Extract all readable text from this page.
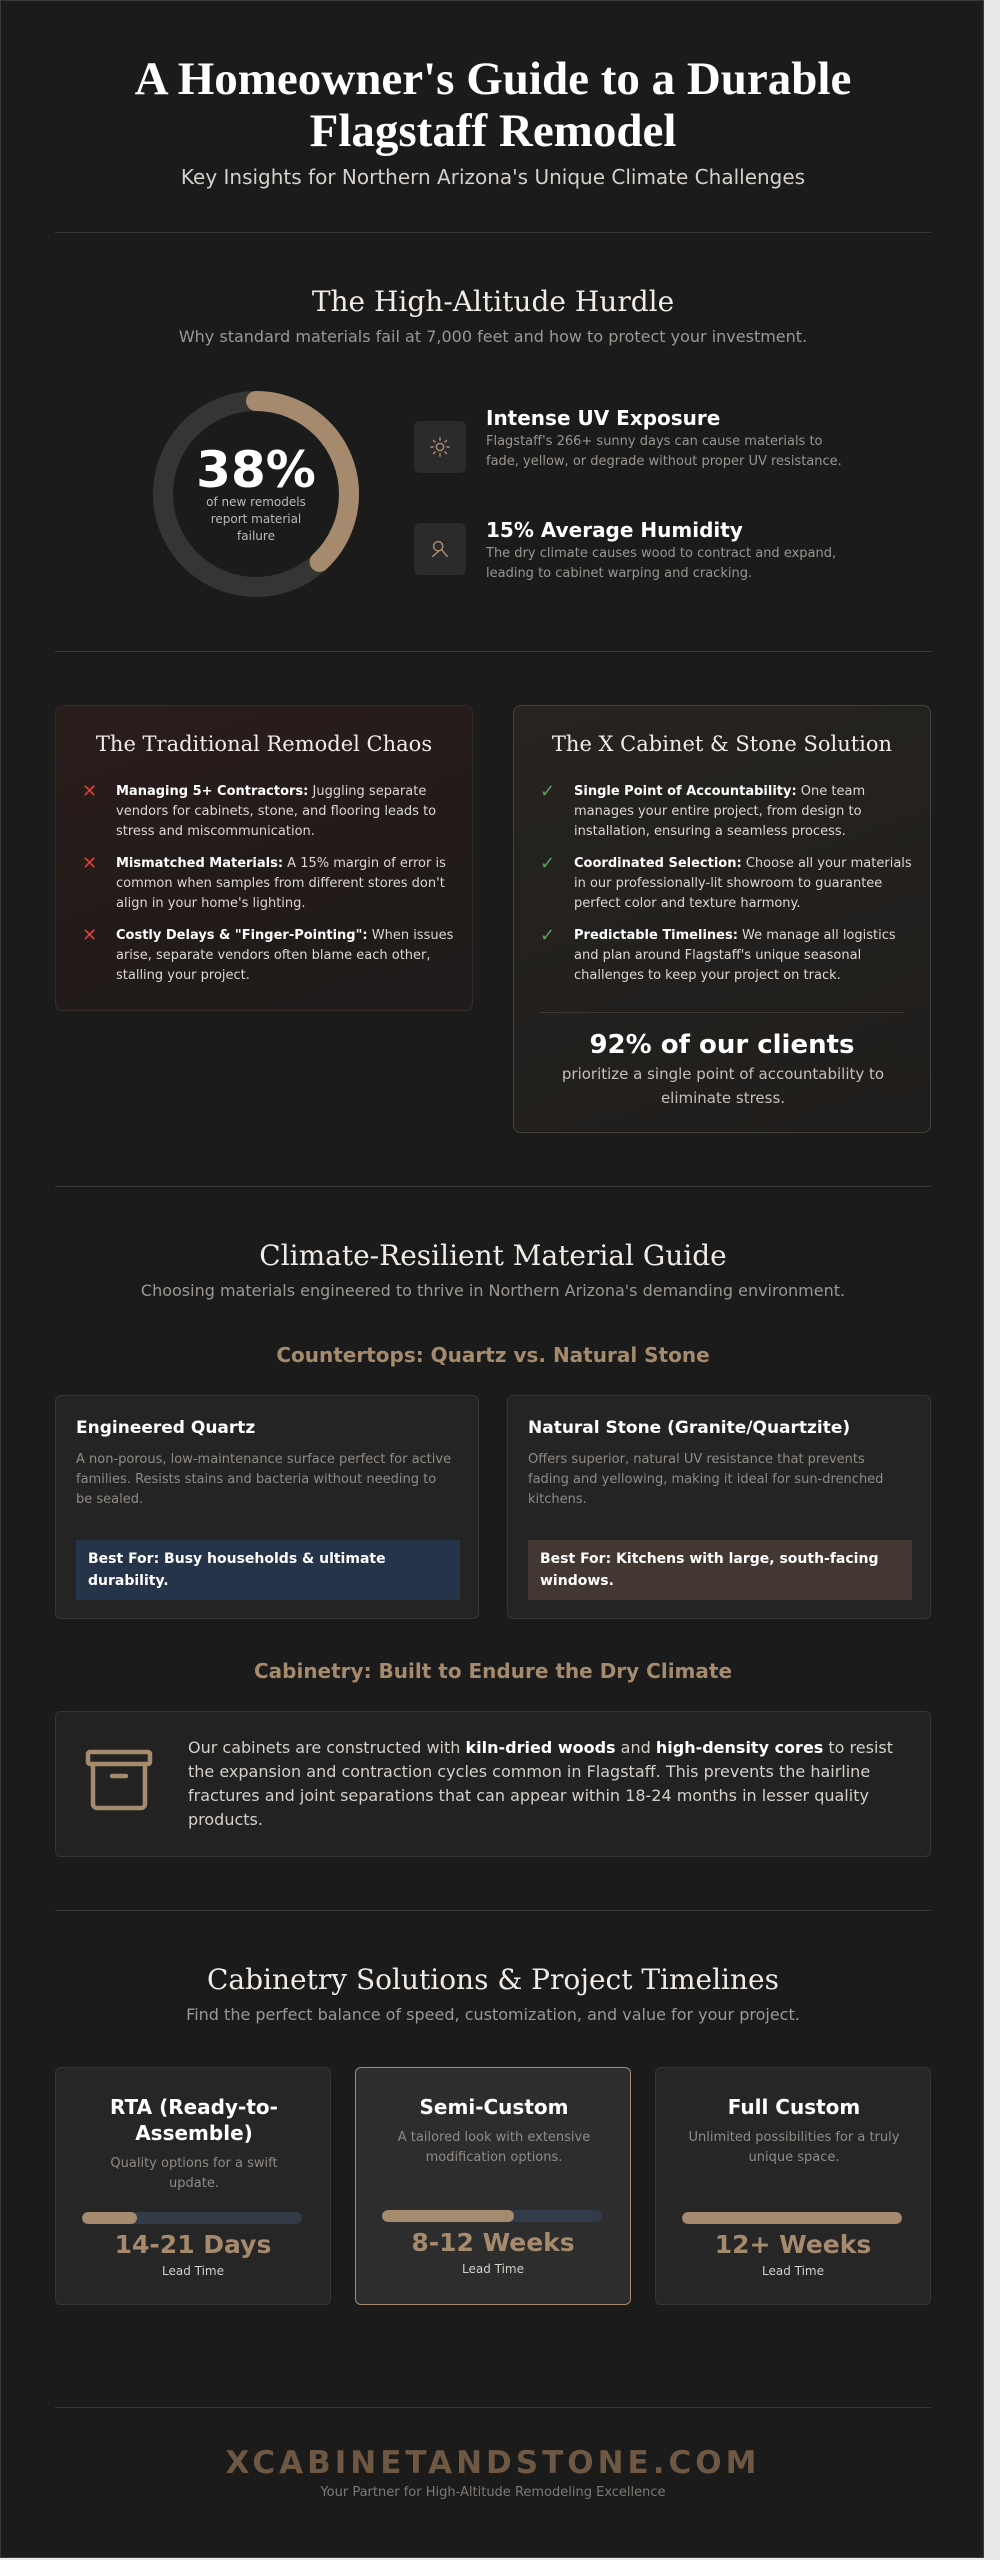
A Homeowner's Guide to a Durable Flagstaff Remodel
Key Insights for Northern Arizona's Unique Climate Challenges
The High-Altitude Hurdle
Why standard materials fail at 7,000 feet and how to protect your investment.
38%
of new remodels report material failure
Intense UV Exposure
Flagstaff's 266+ sunny days can cause materials to fade, yellow, or degrade without proper UV resistance.
15% Average Humidity
The dry climate causes wood to contract and expand, leading to cabinet warping and cracking.
The Traditional Remodel Chaos
✕ Managing 5+ Contractors: Juggling separate vendors for cabinets, stone, and flooring leads to stress and miscommunication.
✕ Mismatched Materials: A 15% margin of error is common when samples from different stores don't align in your home's lighting.
✕ Costly Delays & "Finger-Pointing": When issues arise, separate vendors often blame each other, stalling your project.
The X Cabinet & Stone Solution
✓ Single Point of Accountability: One team manages your entire project, from design to installation, ensuring a seamless process.
✓ Coordinated Selection: Choose all your materials in our professionally-lit showroom to guarantee perfect color and texture harmony.
✓ Predictable Timelines: We manage all logistics and plan around Flagstaff's unique seasonal challenges to keep your project on track.
92% of our clients
prioritize a single point of accountability to eliminate stress.
Climate-Resilient Material Guide
Choosing materials engineered to thrive in Northern Arizona's demanding environment.
Countertops: Quartz vs. Natural Stone
Engineered Quartz
A non-porous, low-maintenance surface perfect for active families. Resists stains and bacteria without needing to be sealed.
Best For: Busy households & ultimate durability.
Natural Stone (Granite/Quartzite)
Offers superior, natural UV resistance that prevents fading and yellowing, making it ideal for sun-drenched kitchens.
Best For: Kitchens with large, south-facing windows.
Cabinetry: Built to Endure the Dry Climate
Our cabinets are constructed with kiln-dried woods and high-density cores to resist the expansion and contraction cycles common in Flagstaff. This prevents the hairline fractures and joint separations that can appear within 18-24 months in lesser quality products.
Cabinetry Solutions & Project Timelines
Find the perfect balance of speed, customization, and value for your project.
RTA (Ready-to-Assemble)
Quality options for a swift update.
14-21 Days
Lead Time
Semi-Custom
A tailored look with extensive modification options.
8-12 Weeks
Lead Time
Full Custom
Unlimited possibilities for a truly unique space.
12+ Weeks
Lead Time
XCABINETANDSTONE.COM
Your Partner for High-Altitude Remodeling Excellence
